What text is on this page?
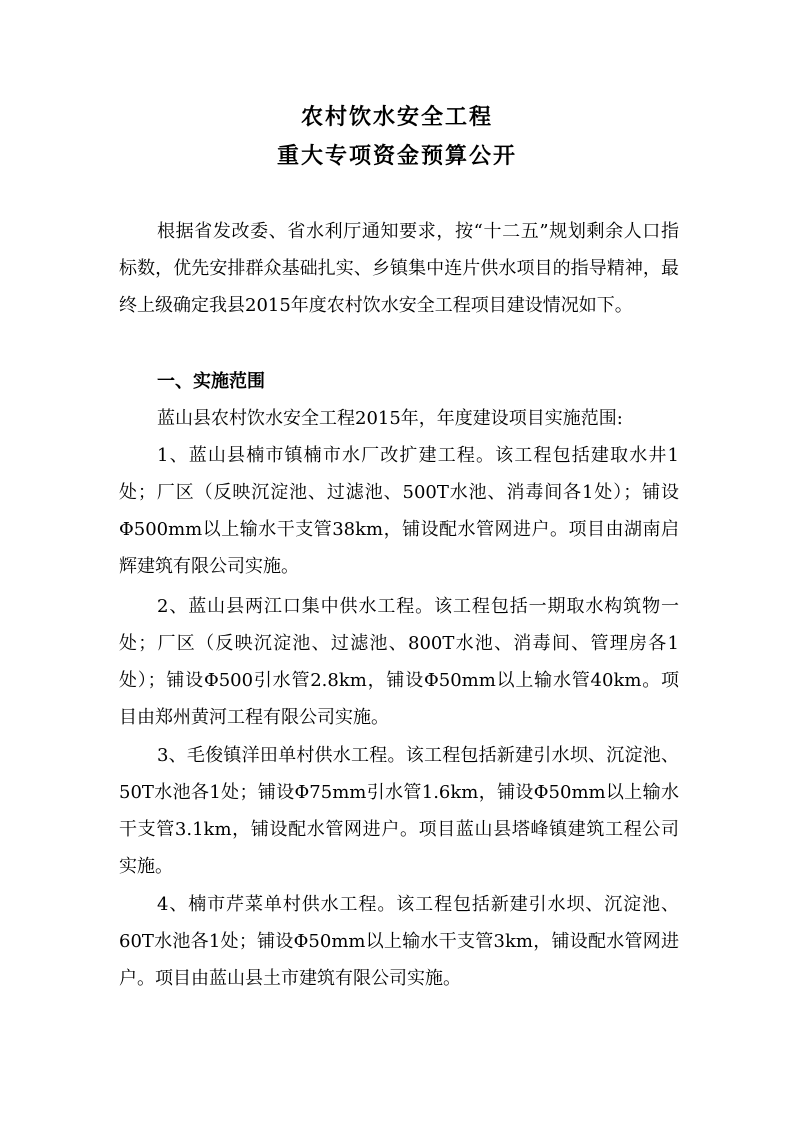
农村饮水安全工程
重大专项资金预算公开
根据省发改委、省水利厅通知要求，按“十二五”规划剩余人口指标数，优先安排群众基础扎实、乡镇集中连片供水项目的指导精神，最终上级确定我县2015年度农村饮水安全工程项目建设情况如下。
一、实施范围
蓝山县农村饮水安全工程2015年，年度建设项目实施范围:
1、蓝山县楠市镇楠市水厂改扩建工程。该工程包括建取水井1处；厂区（反映沉淀池、过滤池、500T水池、消毒间各1处）；铺设Φ500mm以上输水干支管38km，铺设配水管网进户。项目由湖南启辉建筑有限公司实施。
2、蓝山县两江口集中供水工程。该工程包括一期取水构筑物一处；厂区（反映沉淀池、过滤池、800T水池、消毒间、管理房各1处）；铺设Φ500引水管2.8km，铺设Φ50mm以上输水管40km。项目由郑州黄河工程有限公司实施。
3、毛俊镇洋田单村供水工程。该工程包括新建引水坝、沉淀池、50T水池各1处；铺设Φ75mm引水管1.6km，铺设Φ50mm以上输水干支管3.1km，铺设配水管网进户。项目蓝山县塔峰镇建筑工程公司实施。
4、楠市芹菜单村供水工程。该工程包括新建引水坝、沉淀池、60T水池各1处；铺设Φ50mm以上输水干支管3km，铺设配水管网进户。项目由蓝山县土市建筑有限公司实施。
